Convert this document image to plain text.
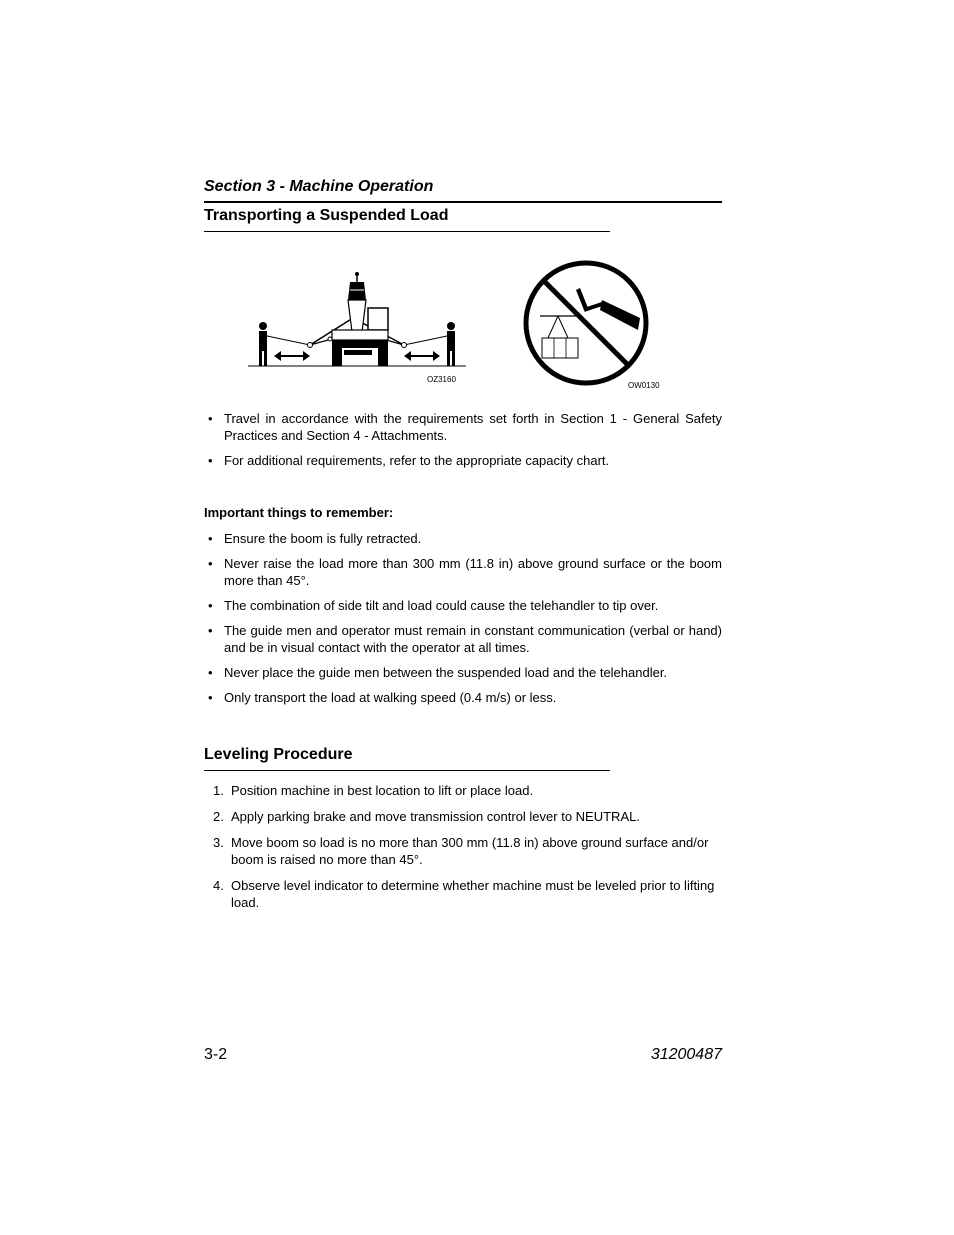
Section 3 - Machine Operation
Transporting a Suspended Load
OZ3160
OW0130
• Travel in accordance with the requirements set forth in Section 1 - General Safety Practices and Section 4 - Attachments.
• For additional requirements, refer to the appropriate capacity chart.
Important things to remember:
• Ensure the boom is fully retracted.
• Never raise the load more than 300 mm (11.8 in) above ground surface or the boom more than 45°.
• The combination of side tilt and load could cause the telehandler to tip over.
• The guide men and operator must remain in constant communication (verbal or hand) and be in visual contact with the operator at all times.
• Never place the guide men between the suspended load and the telehandler.
• Only transport the load at walking speed (0.4 m/s) or less.
Leveling Procedure
1. Position machine in best location to lift or place load.
2. Apply parking brake and move transmission control lever to NEUTRAL.
3. Move boom so load is no more than 300 mm (11.8 in) above ground surface and/or boom is raised no more than 45°.
4. Observe level indicator to determine whether machine must be leveled prior to lifting load.
3-2	31200487
